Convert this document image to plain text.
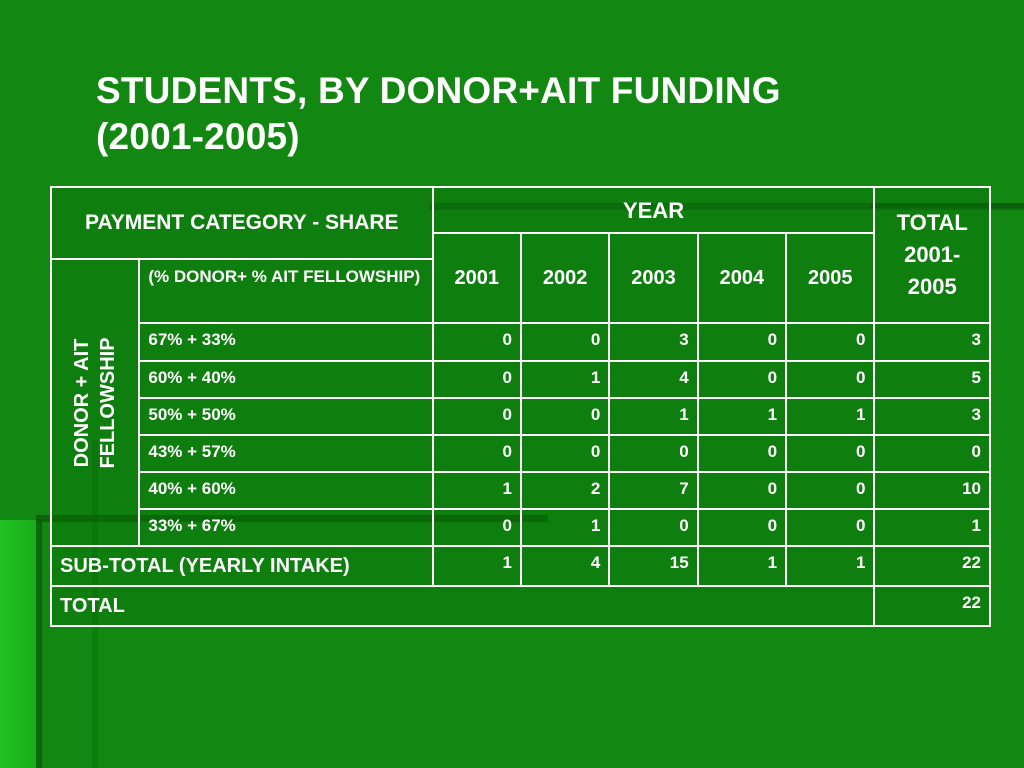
STUDENTS, BY DONOR+AIT FUNDING
(2001-2005)
PAYMENT CATEGORY - SHARE		YEAR					TOTAL 2001-2005
		2001	2002	2003	2004	2005	

DONOR + AIT FELLOWSHIP	(% DONOR+ % AIT FELLOWSHIP)						
	67% + 33%	0	0	3	0	0	3
	60% + 40%	0	1	4	0	0	5
	50% + 50%	0	0	1	1	1	3
	43% + 57%	0	0	0	0	0	0
	40% + 60%	1	2	7	0	0	10
	33% + 67%	0	1	0	0	0	1
SUB-TOTAL (YEARLY INTAKE)		1	4	15	1	1	22
TOTAL							22
